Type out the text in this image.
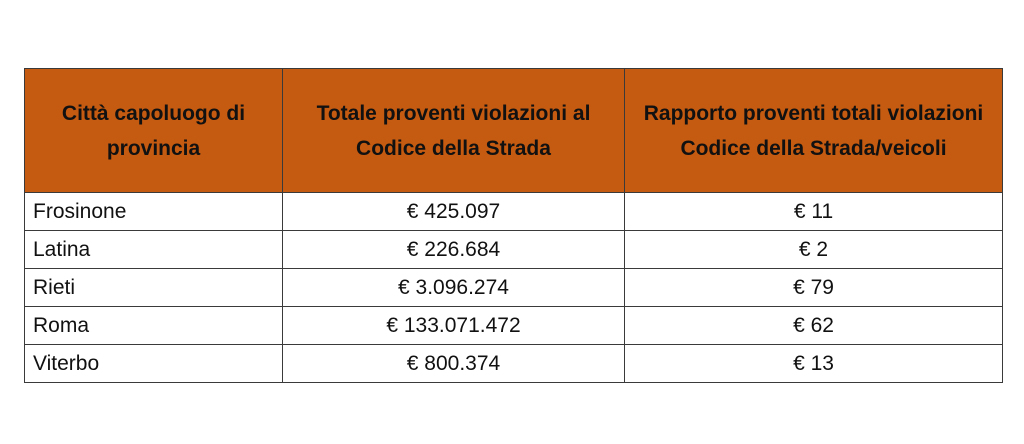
Città capoluogo di provincia	Totale proventi violazioni al Codice della Strada	Rapporto proventi totali violazioni Codice della Strada/veicoli
Frosinone	€ 425.097	€ 11
Latina	€ 226.684	€ 2
Rieti	€ 3.096.274	€ 79
Roma	€ 133.071.472	€ 62
Viterbo	€ 800.374	€ 13
